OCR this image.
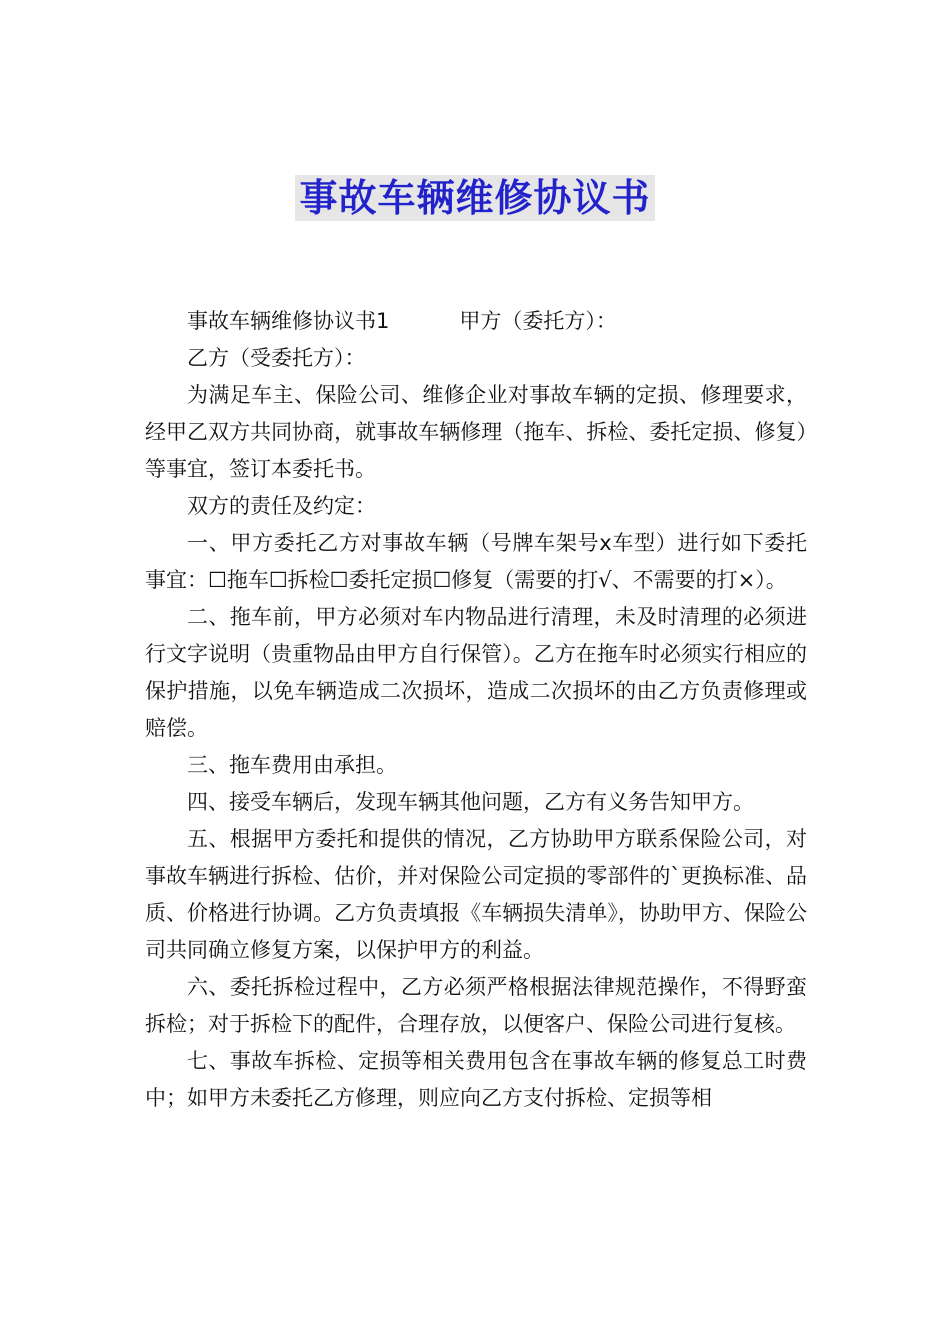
事故车辆维修协议书

事故车辆维修协议书1	甲方（委托方）：

乙方（受委托方）：

为满足车主、保险公司、维修企业对事故车辆的定损、修理要求，经甲乙双方共同协商，就事故车辆修理（拖车、拆检、委托定损、修复）等事宜，签订本委托书。

双方的责任及约定：

一、甲方委托乙方对事故车辆（号牌车架号x车型）进行如下委托事宜：☐拖车☐拆检☐委托定损☐修复（需要的打√、不需要的打×）。

二、拖车前，甲方必须对车内物品进行清理，未及时清理的必须进行文字说明（贵重物品由甲方自行保管）。乙方在拖车时必须实行相应的保护措施，以免车辆造成二次损坏，造成二次损坏的由乙方负责修理或赔偿。

三、拖车费用由承担。

四、接受车辆后，发现车辆其他问题，乙方有义务告知甲方。

五、根据甲方委托和提供的情况，乙方协助甲方联系保险公司，对事故车辆进行拆检、估价，并对保险公司定损的零部件的`更换标准、品质、价格进行协调。乙方负责填报《车辆损失清单》，协助甲方、保险公司共同确立修复方案，以保护甲方的利益。

六、委托拆检过程中，乙方必须严格根据法律规范操作，不得野蛮拆检；对于拆检下的配件，合理存放，以便客户、保险公司进行复核。

七、事故车拆检、定损等相关费用包含在事故车辆的修复总工时费中；如甲方未委托乙方修理，则应向乙方支付拆检、定损等相
